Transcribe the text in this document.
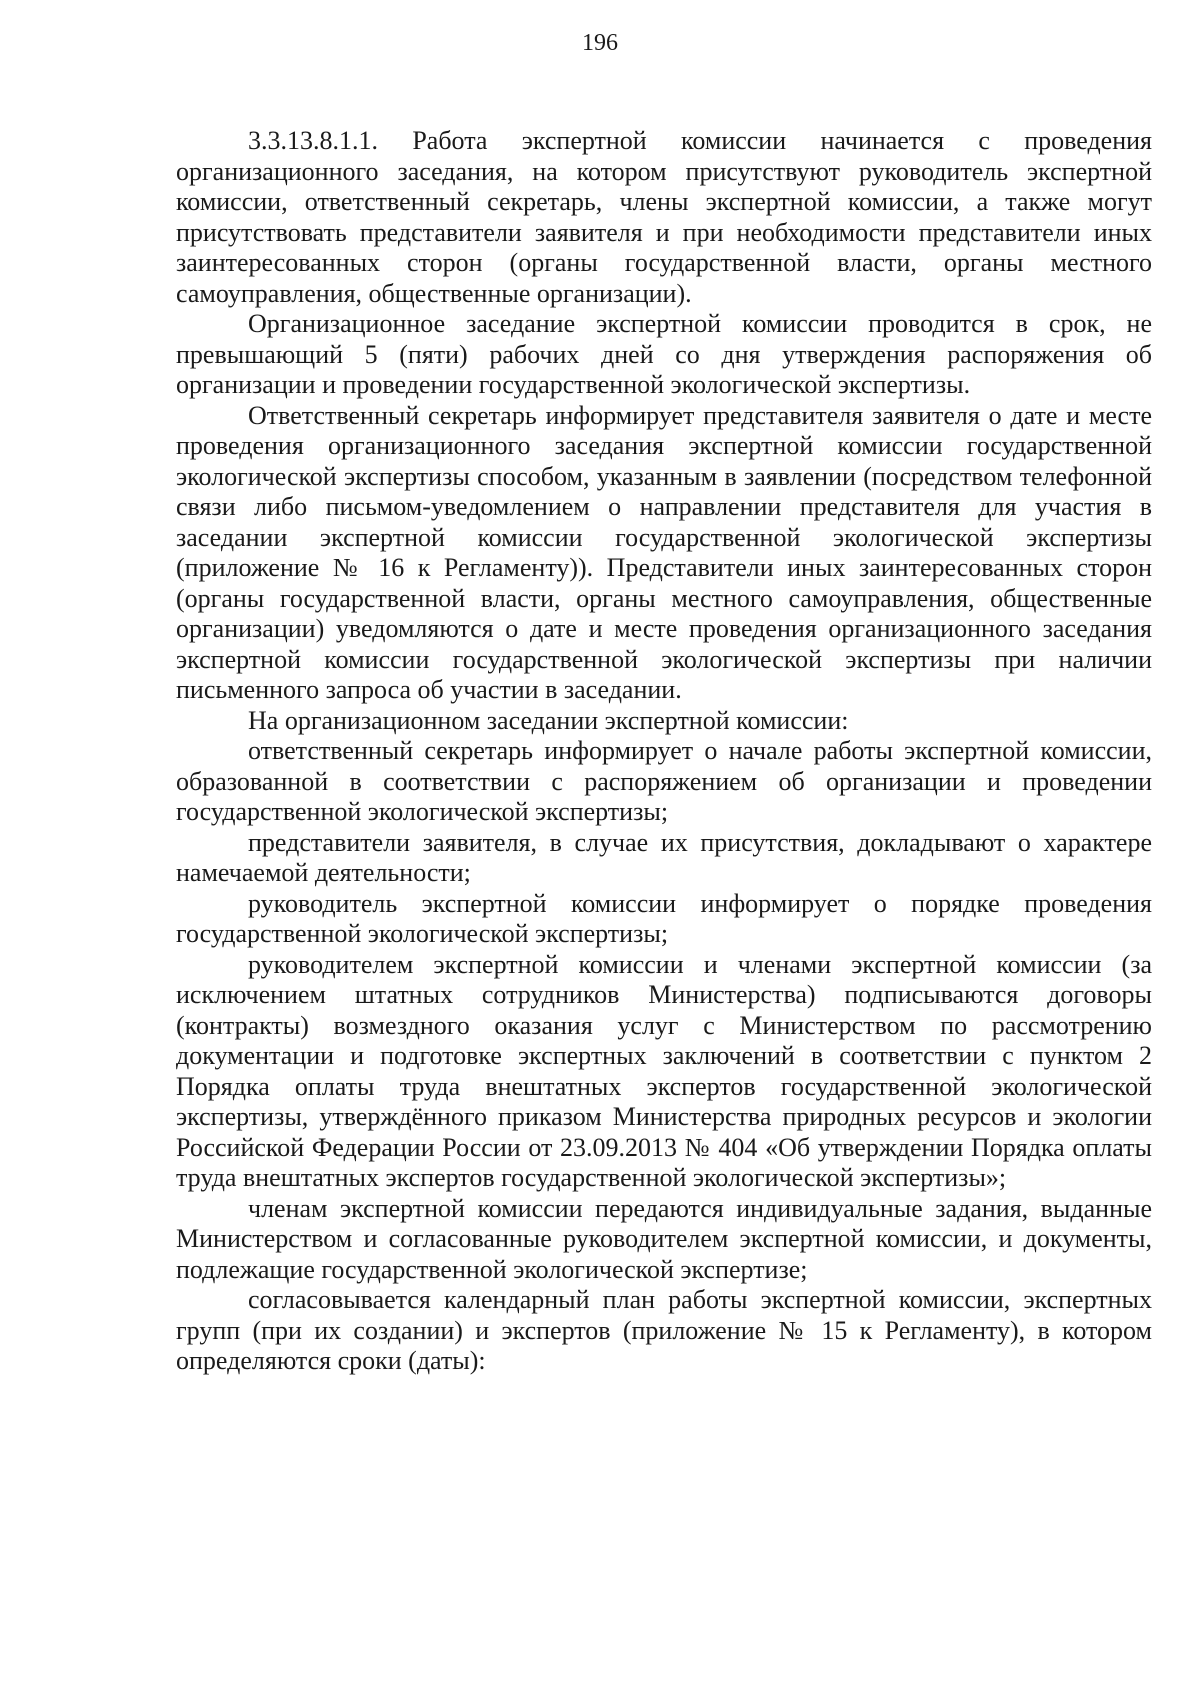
196

3.3.13.8.1.1. Работа экспертной комиссии начинается с проведения организационного заседания, на котором присутствуют руководитель экспертной комиссии, ответственный секретарь, члены экспертной комиссии, а также могут присутствовать представители заявителя и при необходимости представители иных заинтересованных сторон (органы государственной власти, органы местного самоуправления, общественные организации).

Организационное заседание экспертной комиссии проводится в срок, не превышающий 5 (пяти) рабочих дней со дня утверждения распоряжения об организации и проведении государственной экологической экспертизы.

Ответственный секретарь информирует представителя заявителя о дате и месте проведения организационного заседания экспертной комиссии государственной экологической экспертизы способом, указанным в заявлении (посредством телефонной связи либо письмом-уведомлением о направлении представителя для участия в заседании экспертной комиссии государственной экологической экспертизы (приложение № 16 к Регламенту)). Представители иных заинтересованных сторон (органы государственной власти, органы местного самоуправления, общественные организации) уведомляются о дате и месте проведения организационного заседания экспертной комиссии государственной экологической экспертизы при наличии письменного запроса об участии в заседании.

На организационном заседании экспертной комиссии:

ответственный секретарь информирует о начале работы экспертной комиссии, образованной в соответствии с распоряжением об организации и проведении государственной экологической экспертизы;

представители заявителя, в случае их присутствия, докладывают о характере намечаемой деятельности;

руководитель экспертной комиссии информирует о порядке проведения государственной экологической экспертизы;

руководителем экспертной комиссии и членами экспертной комиссии (за исключением штатных сотрудников Министерства) подписываются договоры (контракты) возмездного оказания услуг с Министерством по рассмотрению документации и подготовке экспертных заключений в соответствии с пунктом 2 Порядка оплаты труда внештатных экспертов государственной экологической экспертизы, утверждённого приказом Министерства природных ресурсов и экологии Российской Федерации России от 23.09.2013 № 404 «Об утверждении Порядка оплаты труда внештатных экспертов государственной экологической экспертизы»;

членам экспертной комиссии передаются индивидуальные задания, выданные Министерством и согласованные руководителем экспертной комиссии, и документы, подлежащие государственной экологической экспертизе;

согласовывается календарный план работы экспертной комиссии, экспертных групп (при их создании) и экспертов (приложение № 15 к Регламенту), в котором определяются сроки (даты):
